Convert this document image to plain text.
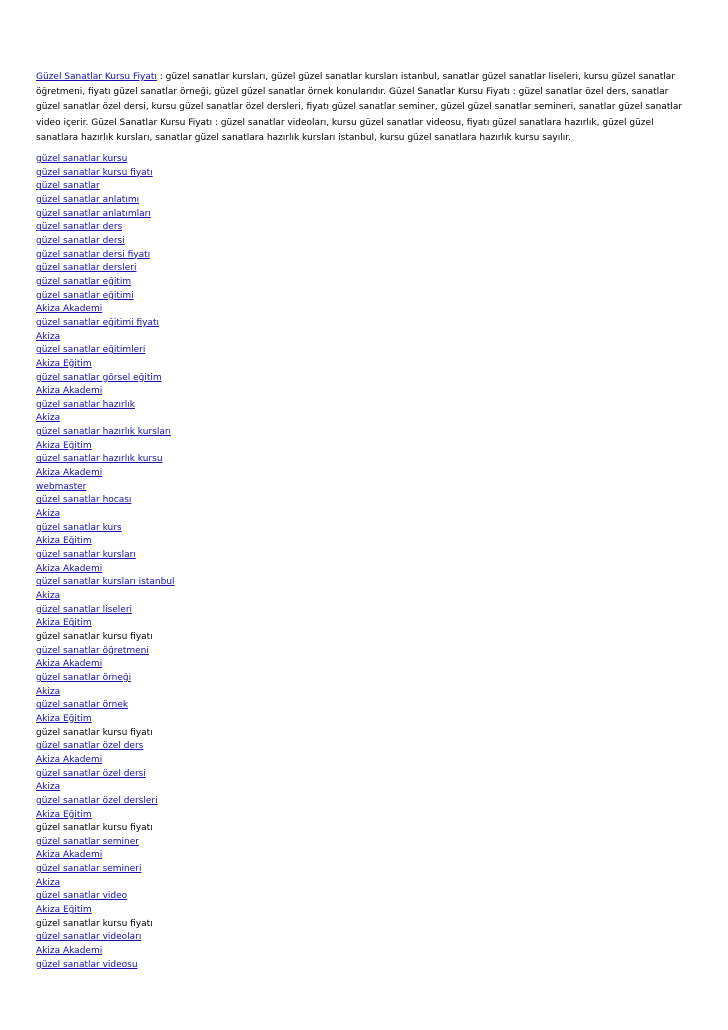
Güzel Sanatlar Kursu Fiyatı : güzel sanatlar kursları, güzel güzel sanatlar kursları istanbul, sanatlar güzel sanatlar liseleri, kursu güzel sanatlar öğretmeni, fiyatı güzel sanatlar örneği, güzel güzel sanatlar örnek konularıdır. Güzel Sanatlar Kursu Fiyatı : güzel sanatlar özel ders, sanatlar güzel sanatlar özel dersi, kursu güzel sanatlar özel dersleri, fiyatı güzel sanatlar seminer, güzel güzel sanatlar semineri, sanatlar güzel sanatlar video içerir. Güzel Sanatlar Kursu Fiyatı : güzel sanatlar videoları, kursu güzel sanatlar videosu, fiyatı güzel sanatlara hazırlık, güzel güzel sanatlara hazırlık kursları, sanatlar güzel sanatlara hazırlık kursları istanbul, kursu güzel sanatlara hazırlık kursu sayılır.

güzel sanatlar kursu
güzel sanatlar kursu fiyatı
güzel sanatlar
güzel sanatlar anlatımı
güzel sanatlar anlatımları
güzel sanatlar ders
güzel sanatlar dersi
güzel sanatlar dersi fiyatı
güzel sanatlar dersleri
güzel sanatlar eğitim
güzel sanatlar eğitimi
Akiza Akademi
güzel sanatlar eğitimi fiyatı
Akiza
güzel sanatlar eğitimleri
Akiza Eğitim
güzel sanatlar görsel eğitim
Akiza Akademi
güzel sanatlar hazırlık
Akiza
güzel sanatlar hazırlık kursları
Akiza Eğitim
güzel sanatlar hazırlık kursu
Akiza Akademi
webmaster
güzel sanatlar hocası
Akiza
güzel sanatlar kurs
Akiza Eğitim
güzel sanatlar kursları
Akiza Akademi
güzel sanatlar kursları istanbul
Akiza
güzel sanatlar liseleri
Akiza Eğitim
güzel sanatlar kursu fiyatı
güzel sanatlar öğretmeni
Akiza Akademi
güzel sanatlar örneği
Akiza
güzel sanatlar örnek
Akiza Eğitim
güzel sanatlar kursu fiyatı
güzel sanatlar özel ders
Akiza Akademi
güzel sanatlar özel dersi
Akiza
güzel sanatlar özel dersleri
Akiza Eğitim
güzel sanatlar kursu fiyatı
güzel sanatlar seminer
Akiza Akademi
güzel sanatlar semineri
Akiza
güzel sanatlar video
Akiza Eğitim
güzel sanatlar kursu fiyatı
güzel sanatlar videoları
Akiza Akademi
güzel sanatlar videosu
